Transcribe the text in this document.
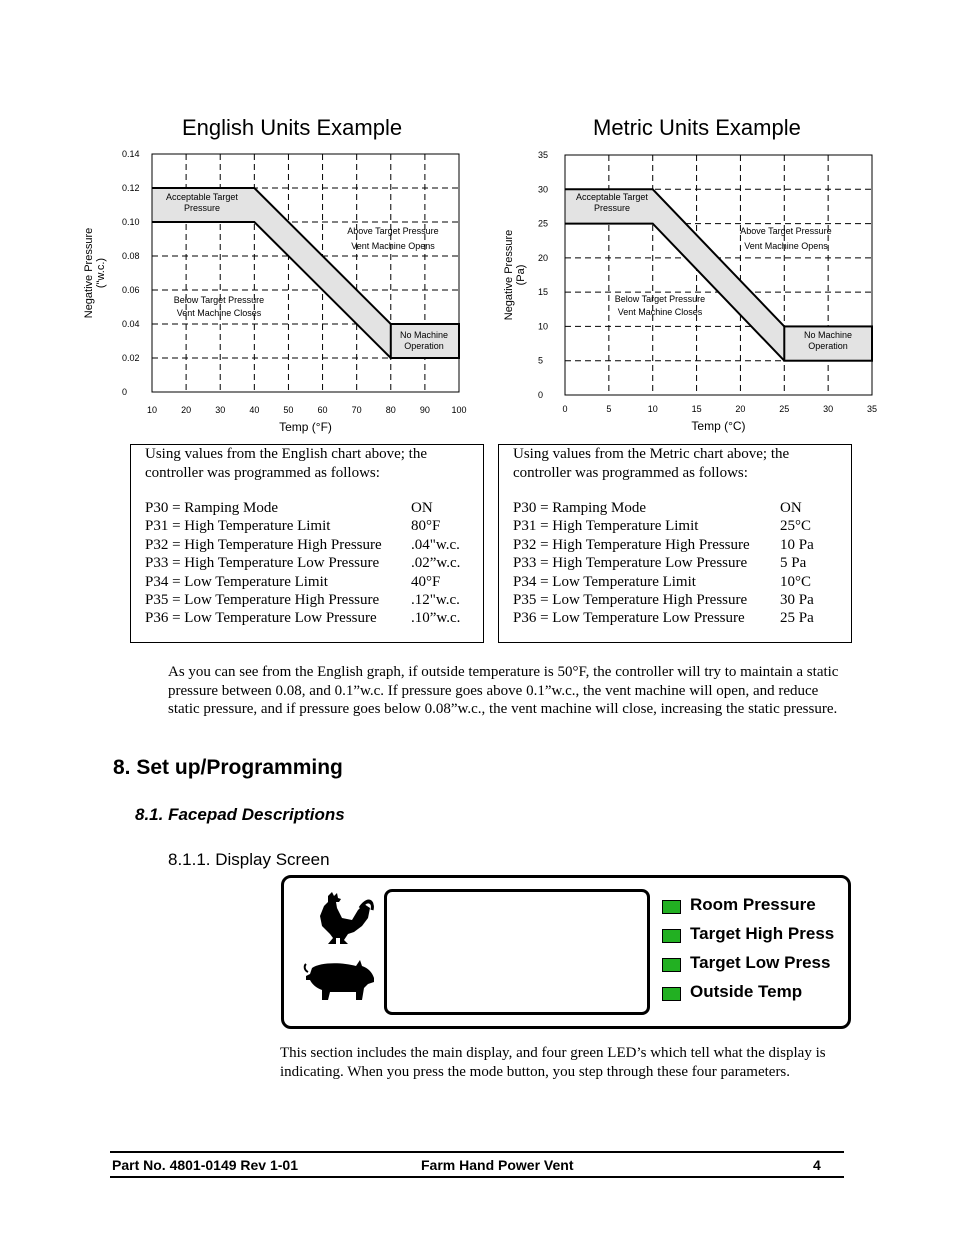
English Units Example	Metric Units Example
0
0.02
0.04
0.06
0.08
0.10
0.12
0.14
10	20	30	40	50	60	70	80	90 100
Temp (°F)
Negative Pressure ("w.c.)
Acceptable Target
Pressure
Above Target Pressure
Vent Machine Opens
Below Target Pressure
Vent Machine Closes
No Machine
Operation
0
5
10
15
20
25
30
35
0	5	10	15	20	25	30	35
Temp (°C)
Negative Pressure (Pa)
Acceptable Target
Pressure
Above Target Pressure
Vent Machine Opens
Below Target Pressure
Vent Machine Closes
No Machine
Operation
Using values from the English chart above; the controller was programmed as follows:
P30 = Ramping Mode	ON
P31 = High Temperature Limit	80°F
P32 = High Temperature High Pressure .04"w.c.
P33 = High Temperature Low Pressure .02”w.c.
P34 = Low Temperature Limit	40°F
P35 = Low Temperature High Pressure .12"w.c.
P36 = Low Temperature Low Pressure .10”w.c.
Using values from the Metric chart above; the controller was programmed as follows:
P30 = Ramping Mode	ON
P31 = High Temperature Limit	25°C
P32 = High Temperature High Pressure 10 Pa
P33 = High Temperature Low Pressure 5 Pa
P34 = Low Temperature Limit	10°C
P35 = Low Temperature High Pressure 30 Pa
P36 = Low Temperature Low Pressure 25 Pa
As you can see from the English graph, if outside temperature is 50°F, the controller will try to maintain a static pressure between 0.08, and 0.1”w.c. If pressure goes above 0.1”w.c., the vent machine will open, and reduce static pressure, and if pressure goes below 0.08”w.c., the vent machine will close, increasing the static pressure.
8. Set up/Programming
8.1. Facepad Descriptions
8.1.1. Display Screen
Room Pressure
Target High Press
Target Low Press
Outside Temp
This section includes the main display, and four green LED’s which tell what the display is indicating. When you press the mode button, you step through these four parameters.
Part No. 4801-0149 Rev 1-01	Farm Hand Power Vent	4
